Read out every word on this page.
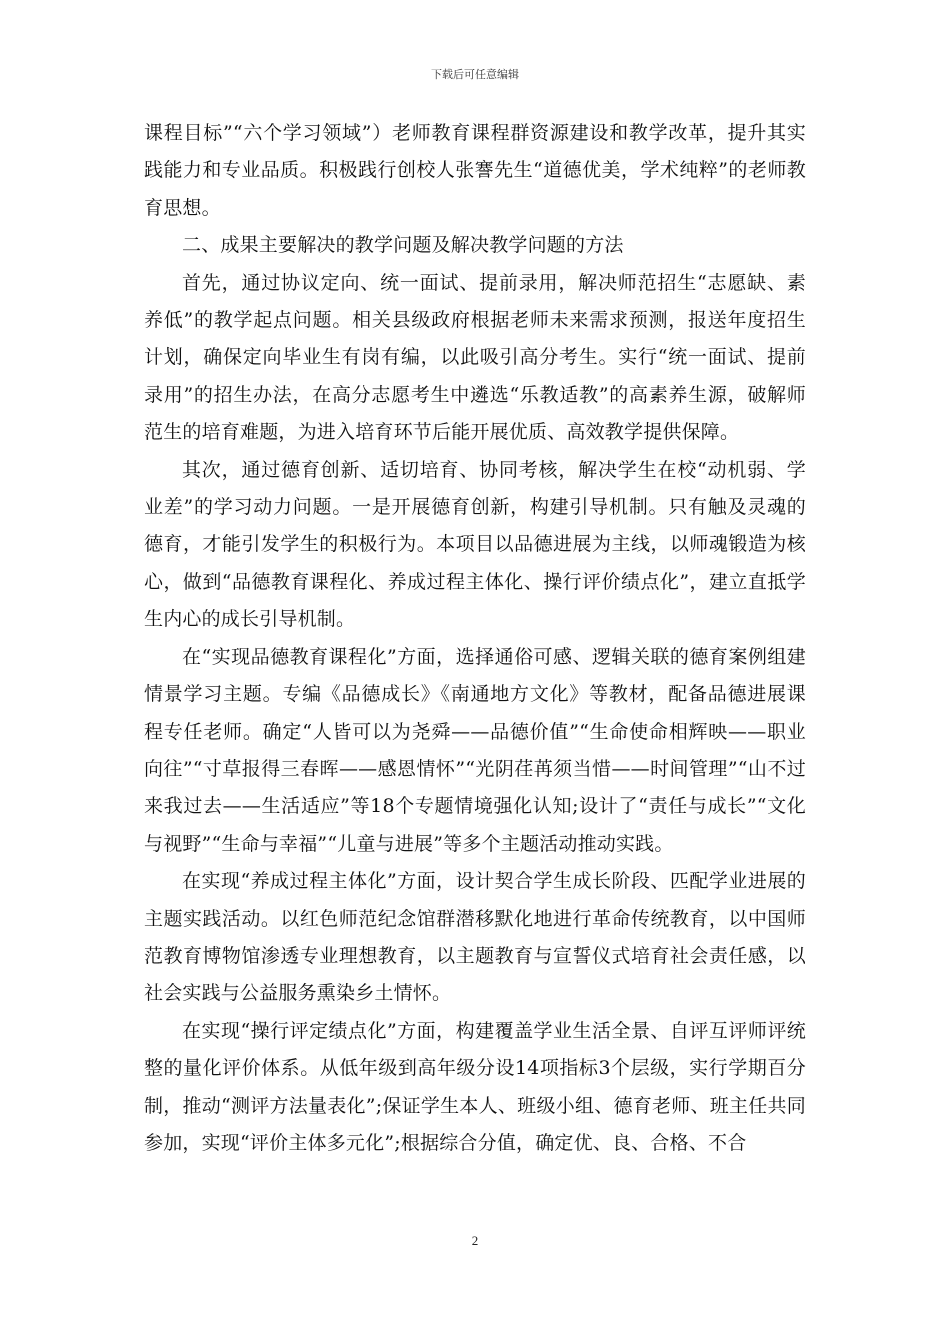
下载后可任意编辑

课程目标”“六个学习领域”）老师教育课程群资源建设和教学改革，提升其实践能力和专业品质。积极践行创校人张謇先生“道德优美，学术纯粹”的老师教育思想。

二、成果主要解决的教学问题及解决教学问题的方法

首先，通过协议定向、统一面试、提前录用，解决师范招生“志愿缺、素养低”的教学起点问题。相关县级政府根据老师未来需求预测，报送年度招生计划，确保定向毕业生有岗有编，以此吸引高分考生。实行“统一面试、提前录用”的招生办法，在高分志愿考生中遴选“乐教适教”的高素养生源，破解师范生的培育难题，为进入培育环节后能开展优质、高效教学提供保障。

其次，通过德育创新、适切培育、协同考核，解决学生在校“动机弱、学业差”的学习动力问题。一是开展德育创新，构建引导机制。只有触及灵魂的德育，才能引发学生的积极行为。本项目以品德进展为主线，以师魂锻造为核心，做到“品德教育课程化、养成过程主体化、操行评价绩点化”，建立直抵学生内心的成长引导机制。

在“实现品德教育课程化”方面，选择通俗可感、逻辑关联的德育案例组建情景学习主题。专编《品德成长》《南通地方文化》等教材，配备品德进展课程专任老师。确定“人皆可以为尧舜——品德价值”“生命使命相辉映——职业向往”“寸草报得三春晖——感恩情怀”“光阴荏苒须当惜——时间管理”“山不过来我过去——生活适应”等18个专题情境强化认知;设计了“责任与成长”“文化与视野”“生命与幸福”“儿童与进展”等多个主题活动推动实践。

在实现“养成过程主体化”方面，设计契合学生成长阶段、匹配学业进展的主题实践活动。以红色师范纪念馆群潜移默化地进行革命传统教育，以中国师范教育博物馆渗透专业理想教育，以主题教育与宣誓仪式培育社会责任感，以社会实践与公益服务熏染乡土情怀。

在实现“操行评定绩点化”方面，构建覆盖学业生活全景、自评互评师评统整的量化评价体系。从低年级到高年级分设14项指标3个层级，实行学期百分制，推动“测评方法量表化”;保证学生本人、班级小组、德育老师、班主任共同参加，实现“评价主体多元化”;根据综合分值，确定优、良、合格、不合

2
